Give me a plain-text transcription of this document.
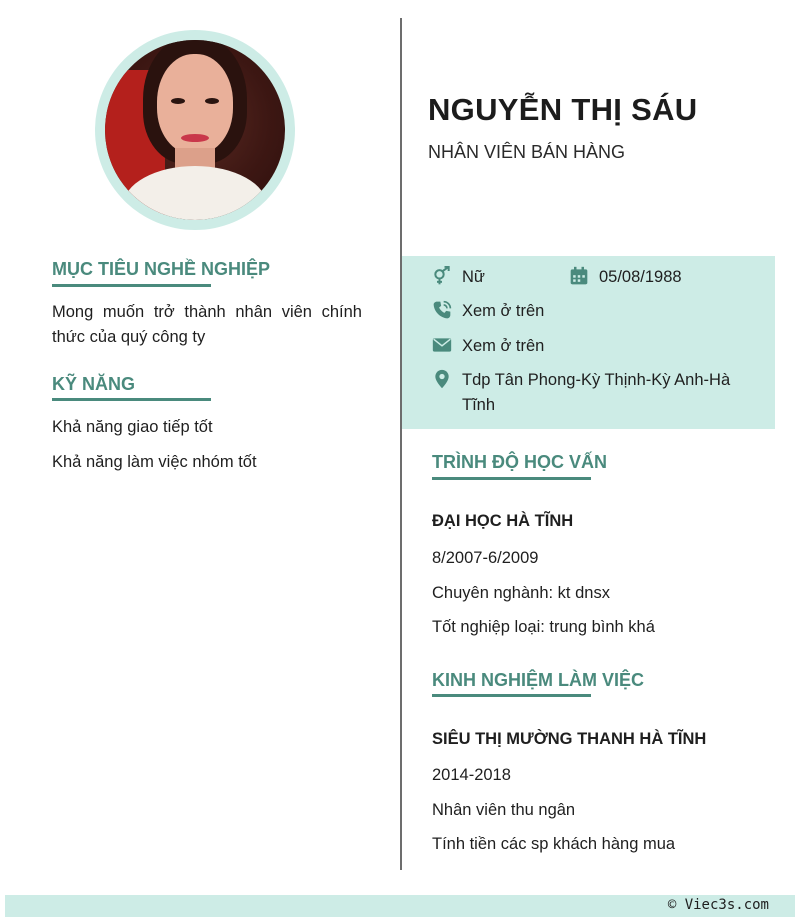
NGUYỄN THỊ SÁU
NHÂN VIÊN BÁN HÀNG
MỤC TIÊU NGHỀ NGHIỆP
Mong muốn trở thành nhân viên chính thức của quý công ty
KỸ NĂNG
Khả năng giao tiếp tốt
Khả năng làm việc nhóm tốt
Nữ	05/08/1988
Xem ở trên
Xem ở trên
Tdp Tân Phong-Kỳ Thịnh-Kỳ Anh-Hà Tĩnh
TRÌNH ĐỘ HỌC VẤN
ĐẠI HỌC HÀ TĨNH
8/2007-6/2009
Chuyên nghành: kt dnsx
Tốt nghiệp loại: trung bình khá
KINH NGHIỆM LÀM VIỆC
SIÊU THỊ MƯỜNG THANH HÀ TĨNH
2014-2018
Nhân viên thu ngân
Tính tiền các sp khách hàng mua
© Viec3s.com
